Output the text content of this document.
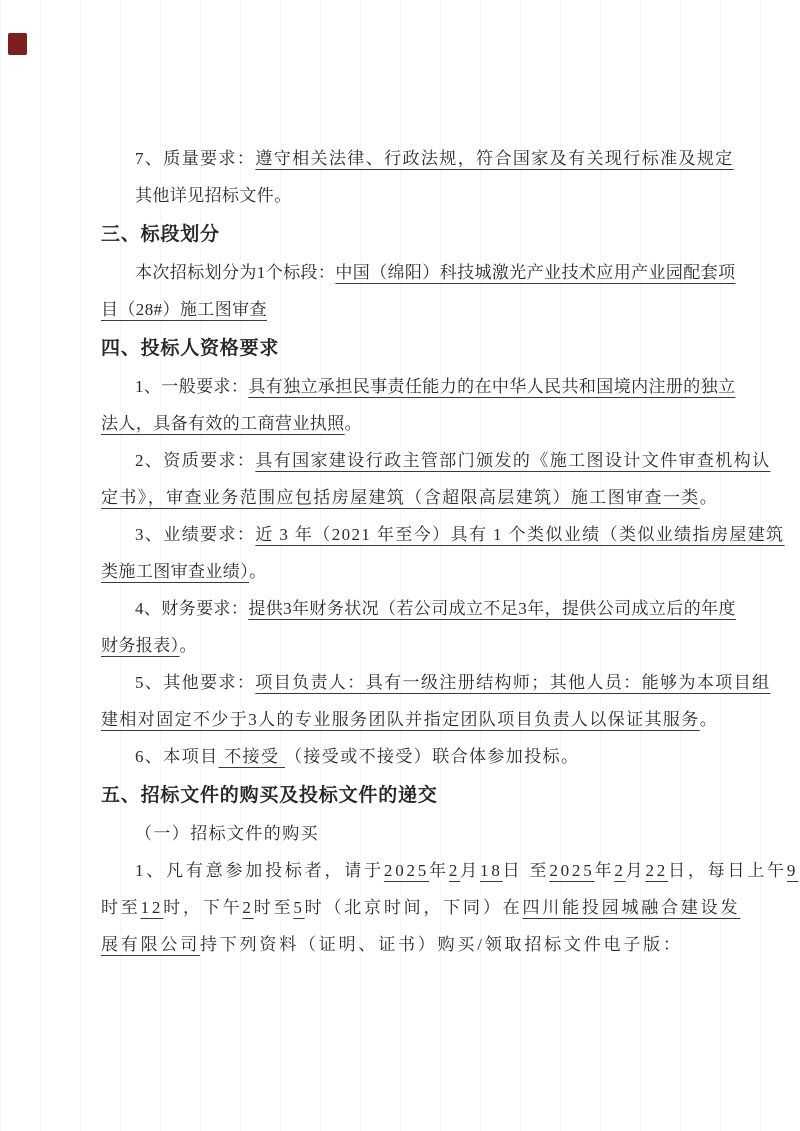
7、质量要求：遵守相关法律、行政法规，符合国家及有关现行标准及规定
其他详见招标文件。
三、标段划分
本次招标划分为1个标段：中国（绵阳）科技城激光产业技术应用产业园配套项
目（28#）施工图审查
四、投标人资格要求
1、一般要求：具有独立承担民事责任能力的在中华人民共和国境内注册的独立
法人，具备有效的工商营业执照。
2、资质要求：具有国家建设行政主管部门颁发的《施工图设计文件审查机构认
定书》，审查业务范围应包括房屋建筑（含超限高层建筑）施工图审查一类。
3、业绩要求：近 3 年（2021 年至今）具有 1 个类似业绩（类似业绩指房屋建筑
类施工图审查业绩）。
4、财务要求：提供3年财务状况（若公司成立不足3年，提供公司成立后的年度
财务报表）。
5、其他要求：项目负责人：具有一级注册结构师；其他人员：能够为本项目组
建相对固定不少于3人的专业服务团队并指定团队项目负责人以保证其服务。
6、本项目 不接受 （接受或不接受）联合体参加投标。
五、招标文件的购买及投标文件的递交
（一）招标文件的购买
1、凡有意参加投标者，请于2025年2月18日 至2025年2月22日，每日上午9
时至12时，下午2时至5时（北京时间，下同）在四川能投园城融合建设发
展有限公司持下列资料（证明、证书）购买/领取招标文件电子版：
